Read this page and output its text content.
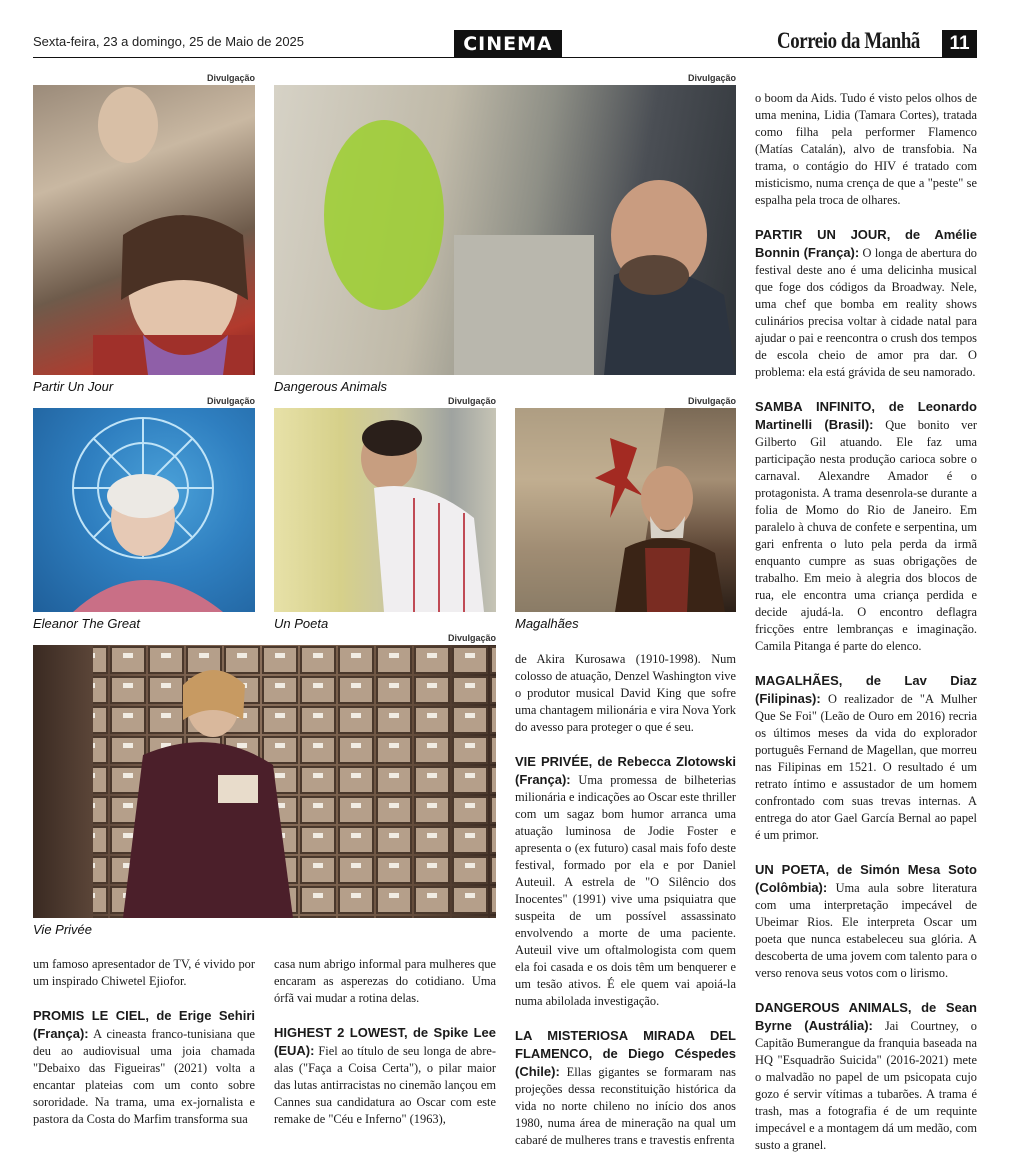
Sexta-feira, 23 a domingo, 25 de Maio de 2025	CINEMA	Correio da Manhã	11
Divulgação
Partir Un Jour
Divulgação
Dangerous Animals
Divulgação
Eleanor The Great
Divulgação
Un Poeta
Divulgação
Magalhães
Divulgação
Vie Privée

um famoso apresentador de TV, é vivido por um inspirado Chiwetel Ejiofor.

PROMIS LE CIEL, de Erige Sehiri (França): A cineasta franco-tunisiana que deu ao audiovisual uma joia chamada "Debaixo das Figueiras" (2021) volta a encantar plateias com um conto sobre sororidade. Na trama, uma ex-jornalista e pastora da Costa do Marfim transforma sua

casa num abrigo informal para mulheres que encaram as asperezas do cotidiano. Uma órfã vai mudar a rotina delas.

HIGHEST 2 LOWEST, de Spike Lee (EUA): Fiel ao título de seu longa de abre-alas ("Faça a Coisa Certa"), o pilar maior das lutas antirracistas no cinemão lançou em Cannes sua candidatura ao Oscar com este remake de "Céu e Inferno" (1963),

de Akira Kurosawa (1910-1998). Num colosso de atuação, Denzel Washington vive o produtor musical David King que sofre uma chantagem milionária e vira Nova York do avesso para proteger o que é seu.

VIE PRIVÉE, de Rebecca Zlotowski (França): Uma promessa de bilheterias milionária e indicações ao Oscar este thriller com um sagaz bom humor arranca uma atuação luminosa de Jodie Foster e apresenta o (ex futuro) casal mais fofo deste festival, formado por ela e por Daniel Auteuil. A estrela de "O Silêncio dos Inocentes" (1991) vive uma psiquiatra que suspeita de um possível assassinato envolvendo a morte de uma paciente. Auteuil vive um oftalmologista com quem ela foi casada e os dois têm um benquerer e um tesão ativos. É ele quem vai apoiá-la numa abilolada investigação.

LA MISTERIOSA MIRADA DEL FLAMENCO, de Diego Céspedes (Chile): Ellas gigantes se formaram nas projeções dessa reconstituição histórica da vida no norte chileno no início dos anos 1980, numa área de mineração na qual um cabaré de mulheres trans e travestis enfrenta

o boom da Aids. Tudo é visto pelos olhos de uma menina, Lidia (Tamara Cortes), tratada como filha pela performer Flamenco (Matías Catalán), alvo de transfobia. Na trama, o contágio do HIV é tratado com misticismo, numa crença de que a "peste" se espalha pela troca de olhares.

PARTIR UN JOUR, de Amélie Bonnin (França): O longa de abertura do festival deste ano é uma delicinha musical que foge dos códigos da Broadway. Nele, uma chef que bomba em reality shows culinários precisa voltar à cidade natal para ajudar o pai e reencontra o crush dos tempos de escola cheio de amor pra dar. O problema: ela está grávida de seu namorado.

SAMBA INFINITO, de Leonardo Martinelli (Brasil): Que bonito ver Gilberto Gil atuando. Ele faz uma participação nesta produção carioca sobre o carnaval. Alexandre Amador é o protagonista. A trama desenrola-se durante a folia de Momo do Rio de Janeiro. Em paralelo à chuva de confete e serpentina, um gari enfrenta o luto pela perda da irmã enquanto cumpre as suas obrigações de trabalho. Em meio à alegria dos blocos de rua, ele encontra uma criança perdida e decide ajudá-la. O encontro deflagra fricções entre lembranças e imaginação. Camila Pitanga é parte do elenco.

MAGALHÃES, de Lav Diaz (Filipinas): O realizador de "A Mulher Que Se Foi" (Leão de Ouro em 2016) recria os últimos meses da vida do explorador português Fernand de Magellan, que morreu nas Filipinas em 1521. O resultado é um retrato íntimo e assustador de um homem confrontado com suas trevas internas. A entrega do ator Gael García Bernal ao papel é um primor.

UN POETA, de Simón Mesa Soto (Colômbia): Uma aula sobre literatura com uma interpretação impecável de Ubeimar Rios. Ele interpreta Oscar um poeta que nunca estabeleceu sua glória. A descoberta de uma jovem com talento para o verso renova seus votos com o lirismo.

DANGEROUS ANIMALS, de Sean Byrne (Austrália): Jai Courtney, o Capitão Bumerangue da franquia baseada na HQ "Esquadrão Suicida" (2016-2021) mete o malvadão no papel de um psicopata cujo gozo é servir vítimas a tubarões. A trama é trash, mas a fotografia é de um requinte impecável e a montagem dá um medão, com susto a granel.
